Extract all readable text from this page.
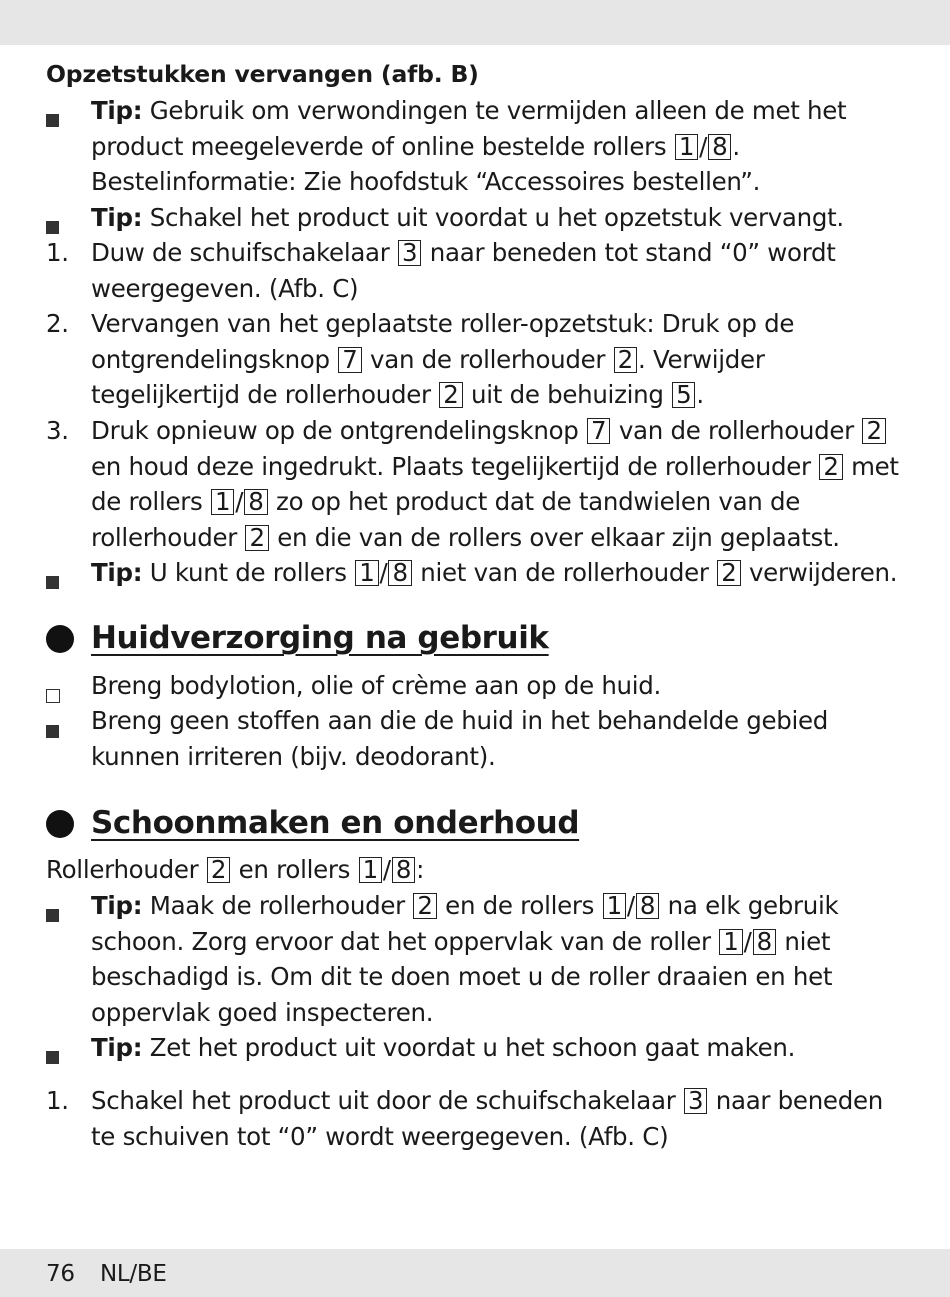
Opzetstukken vervangen (afb. B)
Tip: Gebruik om verwondingen te vermijden alleen de met het product meegeleverde of online bestelde rollers 1 / 8 . Bestelinformatie: Zie hoofdstuk “Accessoires bestellen”.
Tip: Schakel het product uit voordat u het opzetstuk vervangt.
1. Duw de schuifschakelaar 3 naar beneden tot stand “0” wordt weergegeven. (Afb. C)
2. Vervangen van het geplaatste roller-opzetstuk: Druk op de ontgrendelingsknop 7 van de rollerhouder 2 . Verwijder tegelijkertijd de rollerhouder 2 uit de behuizing 5 .
3. Druk opnieuw op de ontgrendelingsknop 7 van de rollerhouder 2 en houd deze ingedrukt. Plaats tegelijkertijd de rollerhouder 2 met de rollers 1 / 8 zo op het product dat de tandwielen van de rollerhouder 2 en die van de rollers over elkaar zijn geplaatst.
Tip: U kunt de rollers 1 / 8 niet van de rollerhouder 2 verwijderen.
Huidverzorging na gebruik
Breng bodylotion, olie of crème aan op de huid.
Breng geen stoffen aan die de huid in het behandelde gebied kunnen irriteren (bijv. deodorant).
Schoonmaken en onderhoud
Rollerhouder 2 en rollers 1 / 8 :
Tip: Maak de rollerhouder 2 en de rollers 1 / 8 na elk gebruik schoon. Zorg ervoor dat het oppervlak van de roller 1 / 8 niet beschadigd is. Om dit te doen moet u de roller draaien en het oppervlak goed inspecteren.
Tip: Zet het product uit voordat u het schoon gaat maken.
1. Schakel het product uit door de schuifschakelaar 3 naar beneden te schuiven tot “0” wordt weergegeven. (Afb. C)
76 NL/BE
